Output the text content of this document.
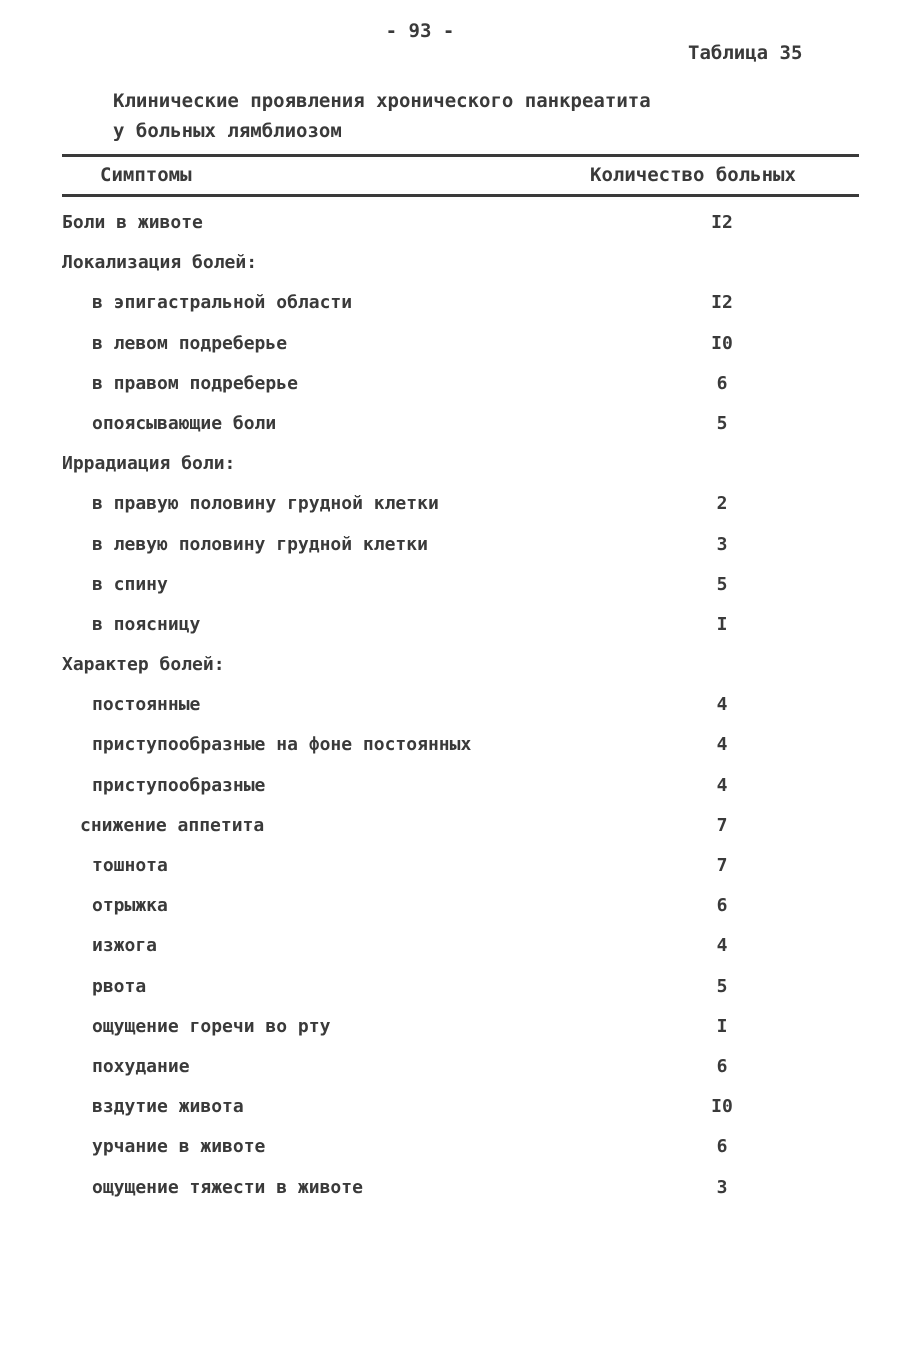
- 93 -
Таблица 35
Клинические проявления хронического панкреатита
у больных лямблиозом
Симптомы	Количество больных
Боли в животе	I2
Локализация болей:
в эпигастральной области	I2
в левом подреберье	I0
в правом подреберье	6
опоясывающие боли	5
Иррадиация боли:
в правую половину грудной клетки	2
в левую половину грудной клетки	3
в спину	5
в поясницу	I
Характер болей:
постоянные	4
приступообразные на фоне постоянных	4
приступообразные	4
снижение аппетита	7
тошнота	7
отрыжка	6
изжога	4
рвота	5
ощущение горечи во рту	I
похудание	6
вздутие живота	I0
урчание в животе	6
ощущение тяжести в животе	3
